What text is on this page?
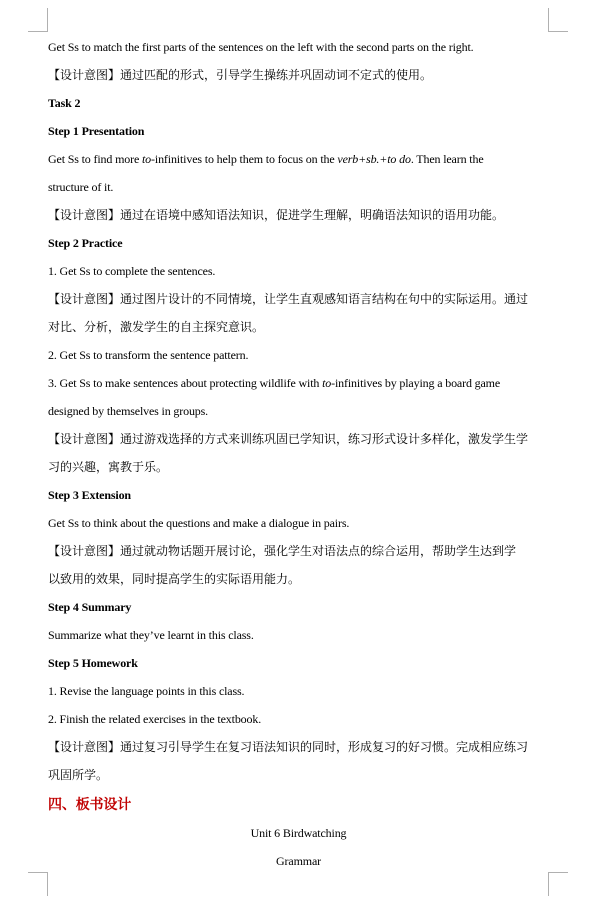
Get Ss to match the first parts of the sentences on the left with the second parts on the right.
【设计意图】通过匹配的形式，引导学生操练并巩固动词不定式的使用。
Task 2
Step 1 Presentation
Get Ss to find more to-infinitives to help them to focus on the verb+sb.+to do. Then learn the
structure of it.
【设计意图】通过在语境中感知语法知识，促进学生理解，明确语法知识的语用功能。
Step 2 Practice
1. Get Ss to complete the sentences.
【设计意图】通过图片设计的不同情境，让学生直观感知语言结构在句中的实际运用。通过
对比、分析，激发学生的自主探究意识。
2. Get Ss to transform the sentence pattern.
3. Get Ss to make sentences about protecting wildlife with to-infinitives by playing a board game
designed by themselves in groups.
【设计意图】通过游戏选择的方式来训练巩固已学知识，练习形式设计多样化，激发学生学
习的兴趣，寓教于乐。
Step 3 Extension
Get Ss to think about the questions and make a dialogue in pairs.
【设计意图】通过就动物话题开展讨论，强化学生对语法点的综合运用，帮助学生达到学
以致用的效果，同时提高学生的实际语用能力。
Step 4 Summary
Summarize what they’ve learnt in this class.
Step 5 Homework
1. Revise the language points in this class.
2. Finish the related exercises in the textbook.
【设计意图】通过复习引导学生在复习语法知识的同时，形成复习的好习惯。完成相应练习
巩固所学。
四、板书设计
Unit 6 Birdwatching
Grammar
